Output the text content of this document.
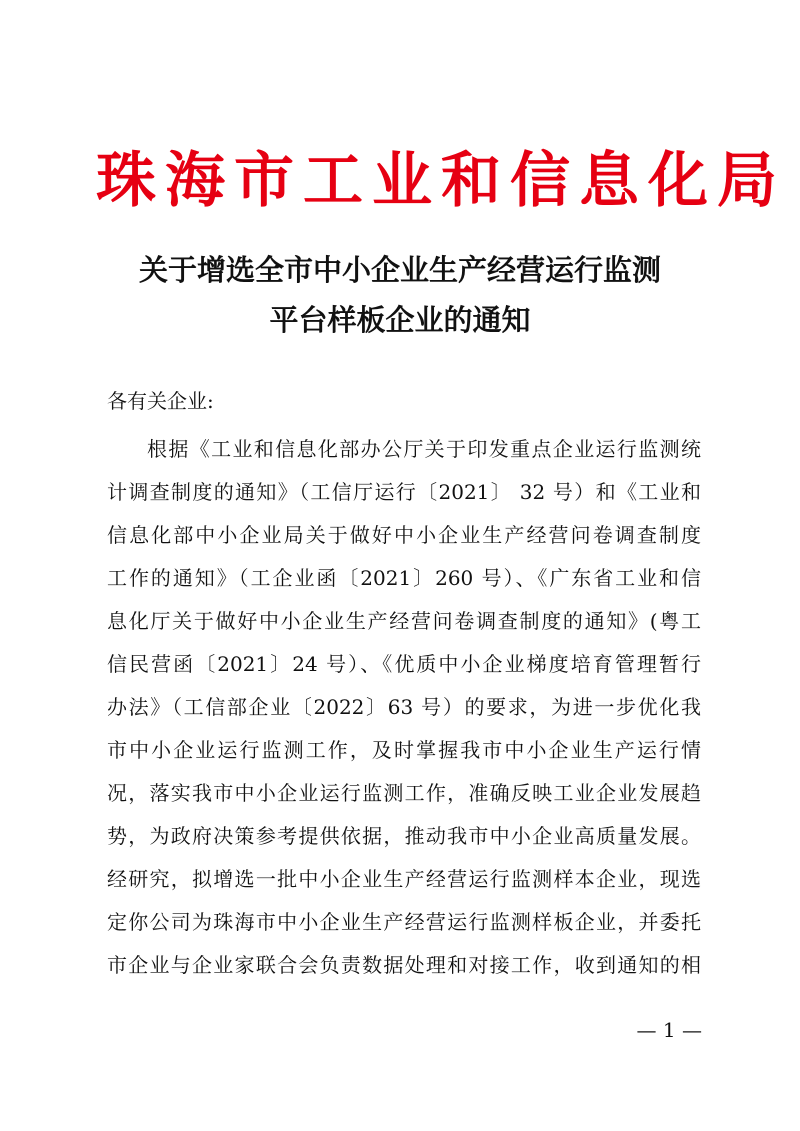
珠海市工业和信息化局
关于增选全市中小企业生产经营运行监测
平台样板企业的通知
各有关企业:
根据《工业和信息化部办公厅关于印发重点企业运行监测统
计调查制度的通知》（工信厅运行〔2021〕 32 号）和《工业和
信息化部中小企业局关于做好中小企业生产经营问卷调查制度
工作的通知》（工企业函〔2021〕260 号）、《广东省工业和信
息化厅关于做好中小企业生产经营问卷调查制度的通知》(粤工
信民营函〔2021〕24 号）、《优质中小企业梯度培育管理暂行
办法》（工信部企业〔2022〕63 号）的要求，为进一步优化我
市中小企业运行监测工作，及时掌握我市中小企业生产运行情
况，落实我市中小企业运行监测工作，准确反映工业企业发展趋
势，为政府决策参考提供依据，推动我市中小企业高质量发展。
经研究，拟增选一批中小企业生产经营运行监测样本企业，现选
定你公司为珠海市中小企业生产经营运行监测样板企业，并委托
市企业与企业家联合会负责数据处理和对接工作，收到通知的相
— 1 —
